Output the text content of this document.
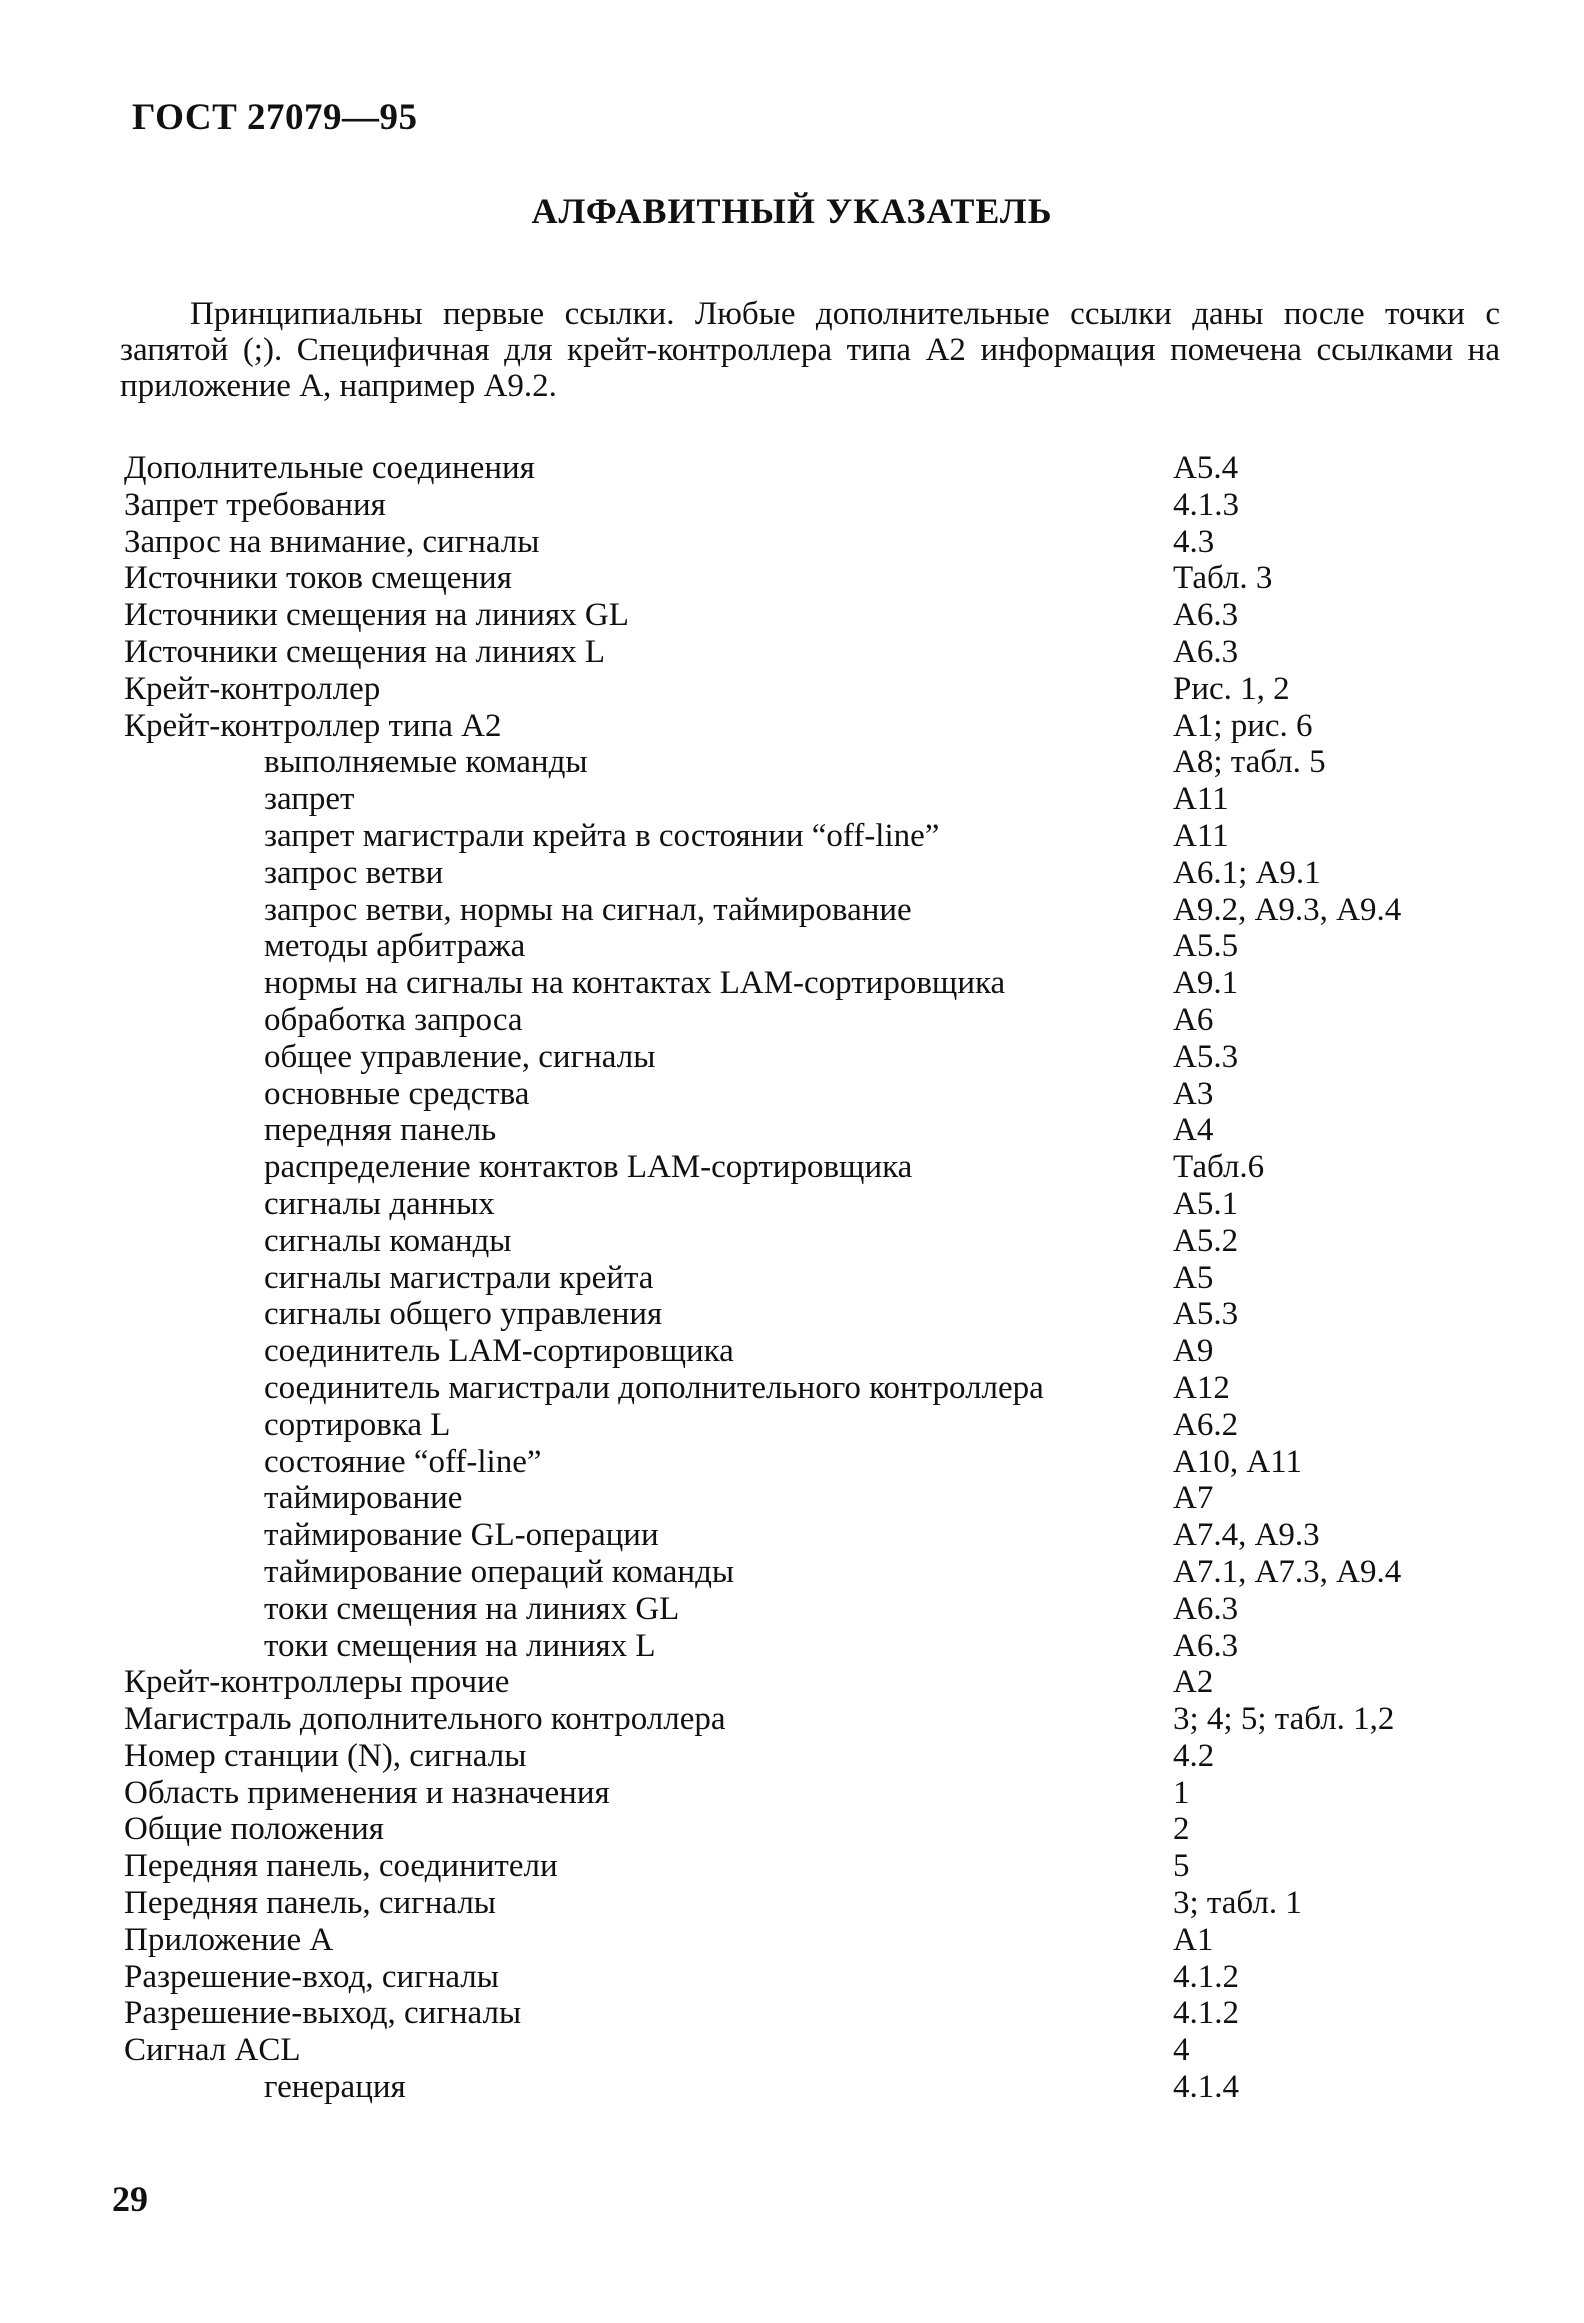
ГОСТ 27079—95
АЛФАВИТНЫЙ УКАЗАТЕЛЬ

Принципиальны первые ссылки. Любые дополнительные ссылки даны после точки с запятой (;). Специфичная для крейт-контроллера типа А2 информация помечена ссылками на приложение А, например А9.2.

Дополнительные соединения	А5.4
Запрет требования	4.1.3
Запрос на внимание, сигналы	4.3
Источники токов смещения	Табл. 3
Источники смещения на линиях GL	А6.3
Источники смещения на линиях L	А6.3
Крейт-контроллер	Рис. 1, 2
Крейт-контроллер типа А2	А1; рис. 6
выполняемые команды	А8; табл. 5
запрет	А11
запрет магистрали крейта в состоянии “off-line”	А11
запрос ветви	А6.1; А9.1
запрос ветви, нормы на сигнал, таймирование	А9.2, А9.3, А9.4
методы арбитража	А5.5
нормы на сигналы на контактах LAM-сортировщика	А9.1
обработка запроса	А6
общее управление, сигналы	А5.3
основные средства	А3
передняя панель	А4
распределение контактов LAM-сортировщика	Табл.6
сигналы данных	А5.1
сигналы команды	А5.2
сигналы магистрали крейта	А5
сигналы общего управления	А5.3
соединитель LAM-сортировщика	А9
соединитель магистрали дополнительного контроллера	А12
сортировка L	А6.2
состояние “off-line”	А10, А11
таймирование	А7
таймирование GL-операции	А7.4, А9.3
таймирование операций команды	А7.1, А7.3, А9.4
токи смещения на линиях GL	А6.3
токи смещения на линиях L	А6.3
Крейт-контроллеры прочие	А2
Магистраль дополнительного контроллера	3; 4; 5; табл. 1,2
Номер станции (N), сигналы	4.2
Область применения и назначения	1
Общие положения	2
Передняя панель, соединители	5
Передняя панель, сигналы	3; табл. 1
Приложение А	А1
Разрешение-вход, сигналы	4.1.2
Разрешение-выход, сигналы	4.1.2
Сигнал ACL	4
генерация	4.1.4
29
